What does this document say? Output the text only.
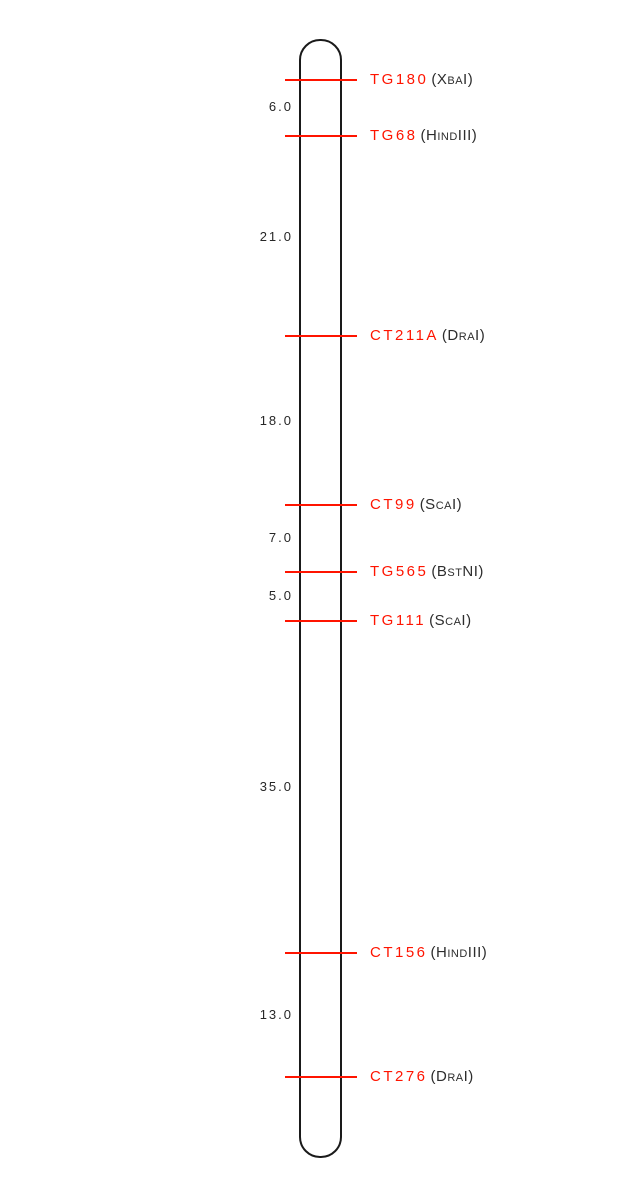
TG180 (XbaI)
TG68 (HindIII)
CT211A (DraI)
CT99 (ScaI)
TG565 (BstNI)
TG111 (ScaI)
CT156 (HindIII)
CT276 (DraI)
6.0
21.0
18.0
7.0
5.0
35.0
13.0
